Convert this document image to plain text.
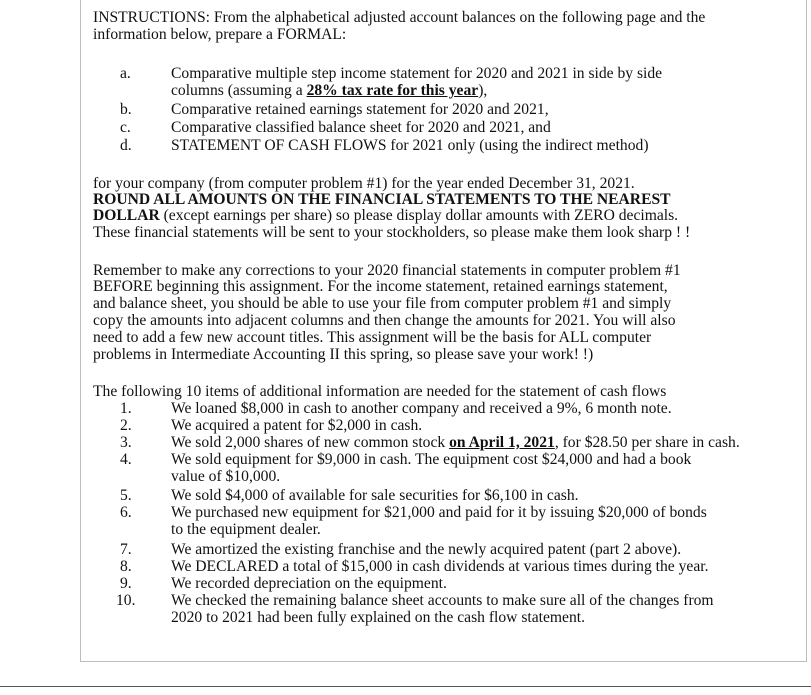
INSTRUCTIONS: From the alphabetical adjusted account balances on the following page and the
information below, prepare a FORMAL:
a.	Comparative multiple step income statement for 2020 and 2021 in side by side
columns (assuming a 28% tax rate for this year),
b.	Comparative retained earnings statement for 2020 and 2021,
c.	Comparative classified balance sheet for 2020 and 2021, and
d.	STATEMENT OF CASH FLOWS for 2021 only (using the indirect method)
for your company (from computer problem #1) for the year ended December 31, 2021.
ROUND ALL AMOUNTS ON THE FINANCIAL STATEMENTS TO THE NEAREST
DOLLAR (except earnings per share) so please display dollar amounts with ZERO decimals.
These financial statements will be sent to your stockholders, so please make them look sharp ! !
Remember to make any corrections to your 2020 financial statements in computer problem #1
BEFORE beginning this assignment. For the income statement, retained earnings statement,
and balance sheet, you should be able to use your file from computer problem #1 and simply
copy the amounts into adjacent columns and then change the amounts for 2021. You will also
need to add a few new account titles. This assignment will be the basis for ALL computer
problems in Intermediate Accounting II this spring, so please save your work! !)
The following 10 items of additional information are needed for the statement of cash flows
1.	We loaned $8,000 in cash to another company and received a 9%, 6 month note.
2.	We acquired a patent for $2,000 in cash.
3.	We sold 2,000 shares of new common stock on April 1, 2021, for $28.50 per share in cash.
4.	We sold equipment for $9,000 in cash. The equipment cost $24,000 and had a book
value of $10,000.
5.	We sold $4,000 of available for sale securities for $6,100 in cash.
6.	We purchased new equipment for $21,000 and paid for it by issuing $20,000 of bonds
to the equipment dealer.
7.	We amortized the existing franchise and the newly acquired patent (part 2 above).
8.	We DECLARED a total of $15,000 in cash dividends at various times during the year.
9.	We recorded depreciation on the equipment.
10. We checked the remaining balance sheet accounts to make sure all of the changes from
2020 to 2021 had been fully explained on the cash flow statement.
